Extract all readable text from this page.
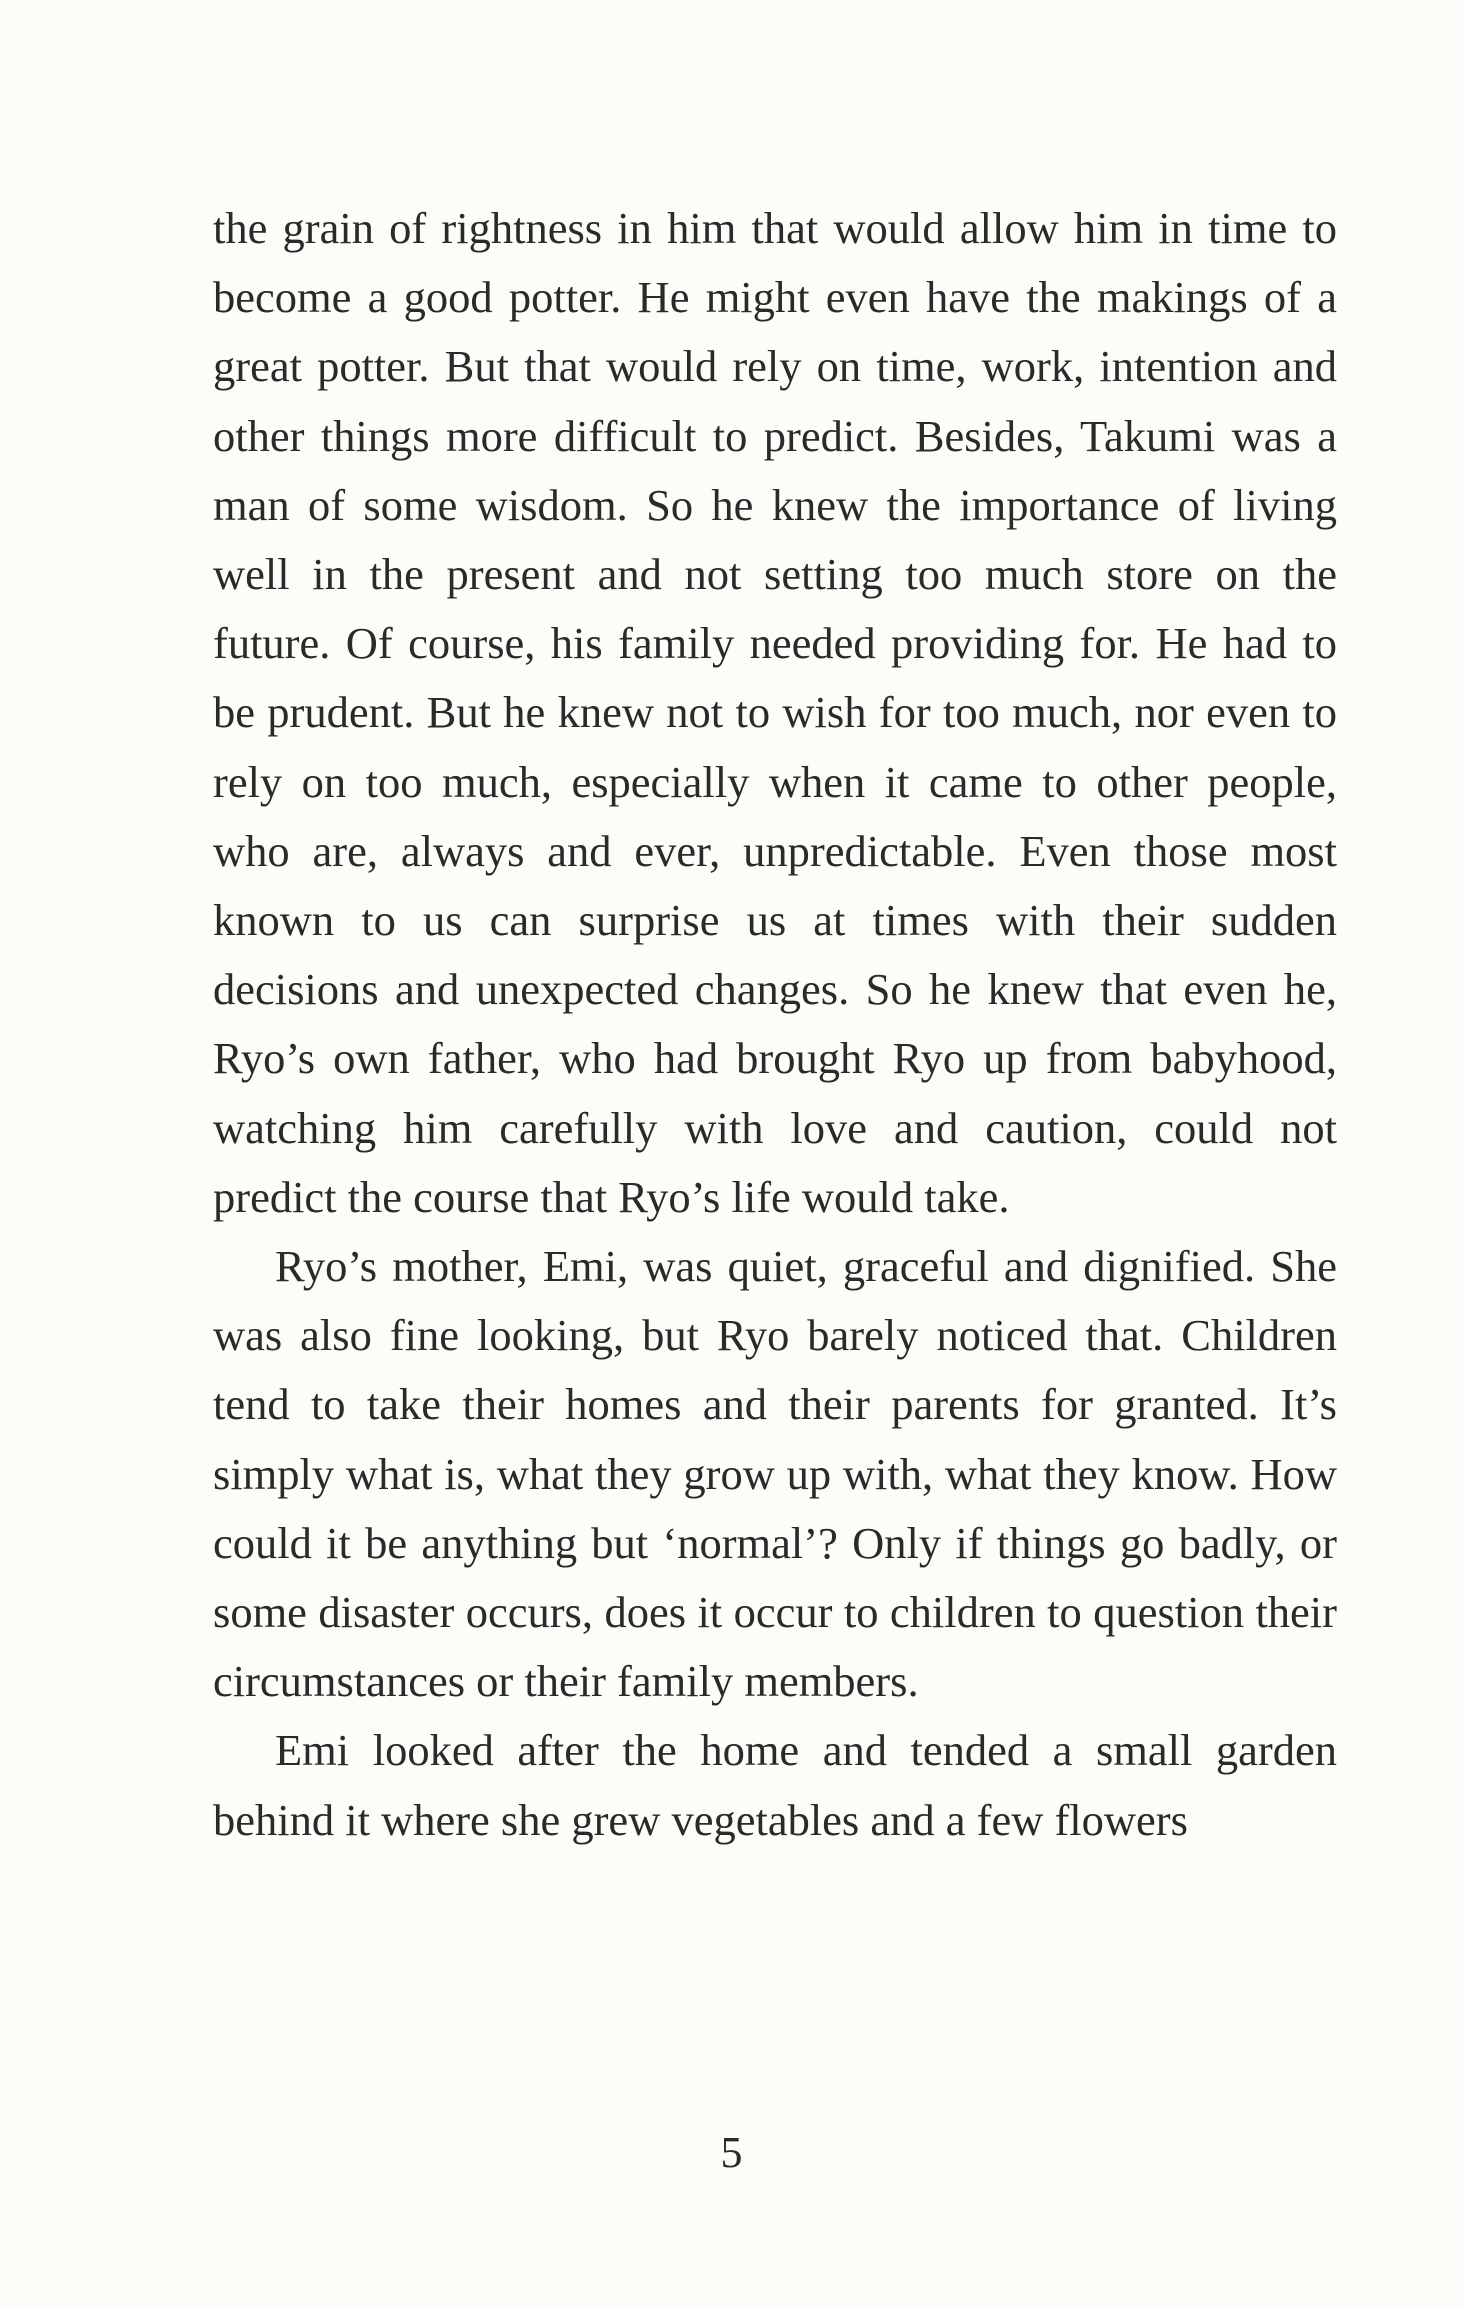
the grain of rightness in him that would allow him in time to become a good potter. He might even have the makings of a great potter. But that would rely on time, work, intention and other things more difficult to predict. Besides, Takumi was a man of some wisdom. So he knew the importance of living well in the present and not setting too much store on the future. Of course, his family needed providing for. He had to be prudent. But he knew not to wish for too much, nor even to rely on too much, especially when it came to other people, who are, always and ever, unpredictable. Even those most known to us can surprise us at times with their sudden decisions and unexpected changes. So he knew that even he, Ryo’s own father, who had brought Ryo up from babyhood, watching him carefully with love and caution, could not predict the course that Ryo’s life would take.

Ryo’s mother, Emi, was quiet, graceful and dignified. She was also fine looking, but Ryo barely noticed that. Children tend to take their homes and their parents for granted. It’s simply what is, what they grow up with, what they know. How could it be anything but ‘normal’? Only if things go badly, or some disaster occurs, does it occur to children to question their circumstances or their family members.

Emi looked after the home and tended a small garden behind it where she grew vegetables and a few flowers

5
